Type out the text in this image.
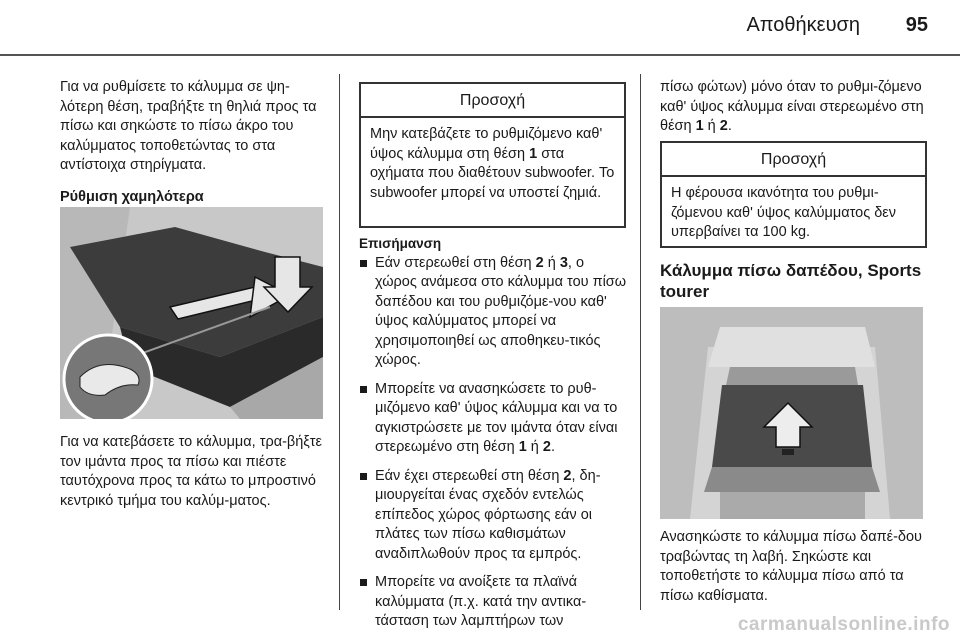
Αποθήκευση	95

Για να ρυθμίσετε το κάλυμμα σε ψη-λότερη θέση, τραβήξτε τη θηλιά προς τα πίσω και σηκώστε το πίσω άκρο του καλύμματος τοποθετώντας το στα αντίστοιχα στηρίγματα.

Ρύθμιση χαμηλότερα

Για να κατεβάσετε το κάλυμμα, τρα-βήξτε τον ιμάντα προς τα πίσω και πιέστε ταυτόχρονα προς τα κάτω το μπροστινό κεντρικό τμήμα του καλύμ-ματος.

Προσοχή
Μην κατεβάζετε το ρυθμιζόμενο καθ' ύψος κάλυμμα στη θέση 1 στα οχήματα που διαθέτουν subwoofer. Το subwoofer μπορεί να υποστεί ζημιά.

Επισήμανση

Εάν στερεωθεί στη θέση 2 ή 3, ο χώρος ανάμεσα στο κάλυμμα του πίσω δαπέδου και του ρυθμιζόμε-νου καθ' ύψος καλύμματος μπορεί να χρησιμοποιηθεί ως αποθηκευ-τικός χώρος.
Μπορείτε να ανασηκώσετε το ρυθ-μιζόμενο καθ' ύψος κάλυμμα και να το αγκιστρώσετε με τον ιμάντα όταν είναι στερεωμένο στη θέση 1 ή 2.
Εάν έχει στερεωθεί στη θέση 2, δη-μιουργείται ένας σχεδόν εντελώς επίπεδος χώρος φόρτωσης εάν οι πλάτες των πίσω καθισμάτων αναδιπλωθούν προς τα εμπρός.
Μπορείτε να ανοίξετε τα πλαϊνά καλύμματα (π.χ. κατά την αντικα-τάσταση των λαμπτήρων των

πίσω φώτων) μόνο όταν το ρυθμι-ζόμενο καθ' ύψος κάλυμμα είναι στερεωμένο στη θέση 1 ή 2.

Προσοχή
Η φέρουσα ικανότητα του ρυθμι-ζόμενου καθ' ύψος καλύμματος δεν υπερβαίνει τα 100 kg.

Κάλυμμα πίσω δαπέδου, Sports tourer

Ανασηκώστε το κάλυμμα πίσω δαπέ-δου τραβώντας τη λαβή. Σηκώστε και τοποθετήστε το κάλυμμα πίσω από τα πίσω καθίσματα.

carmanualsonline.info
